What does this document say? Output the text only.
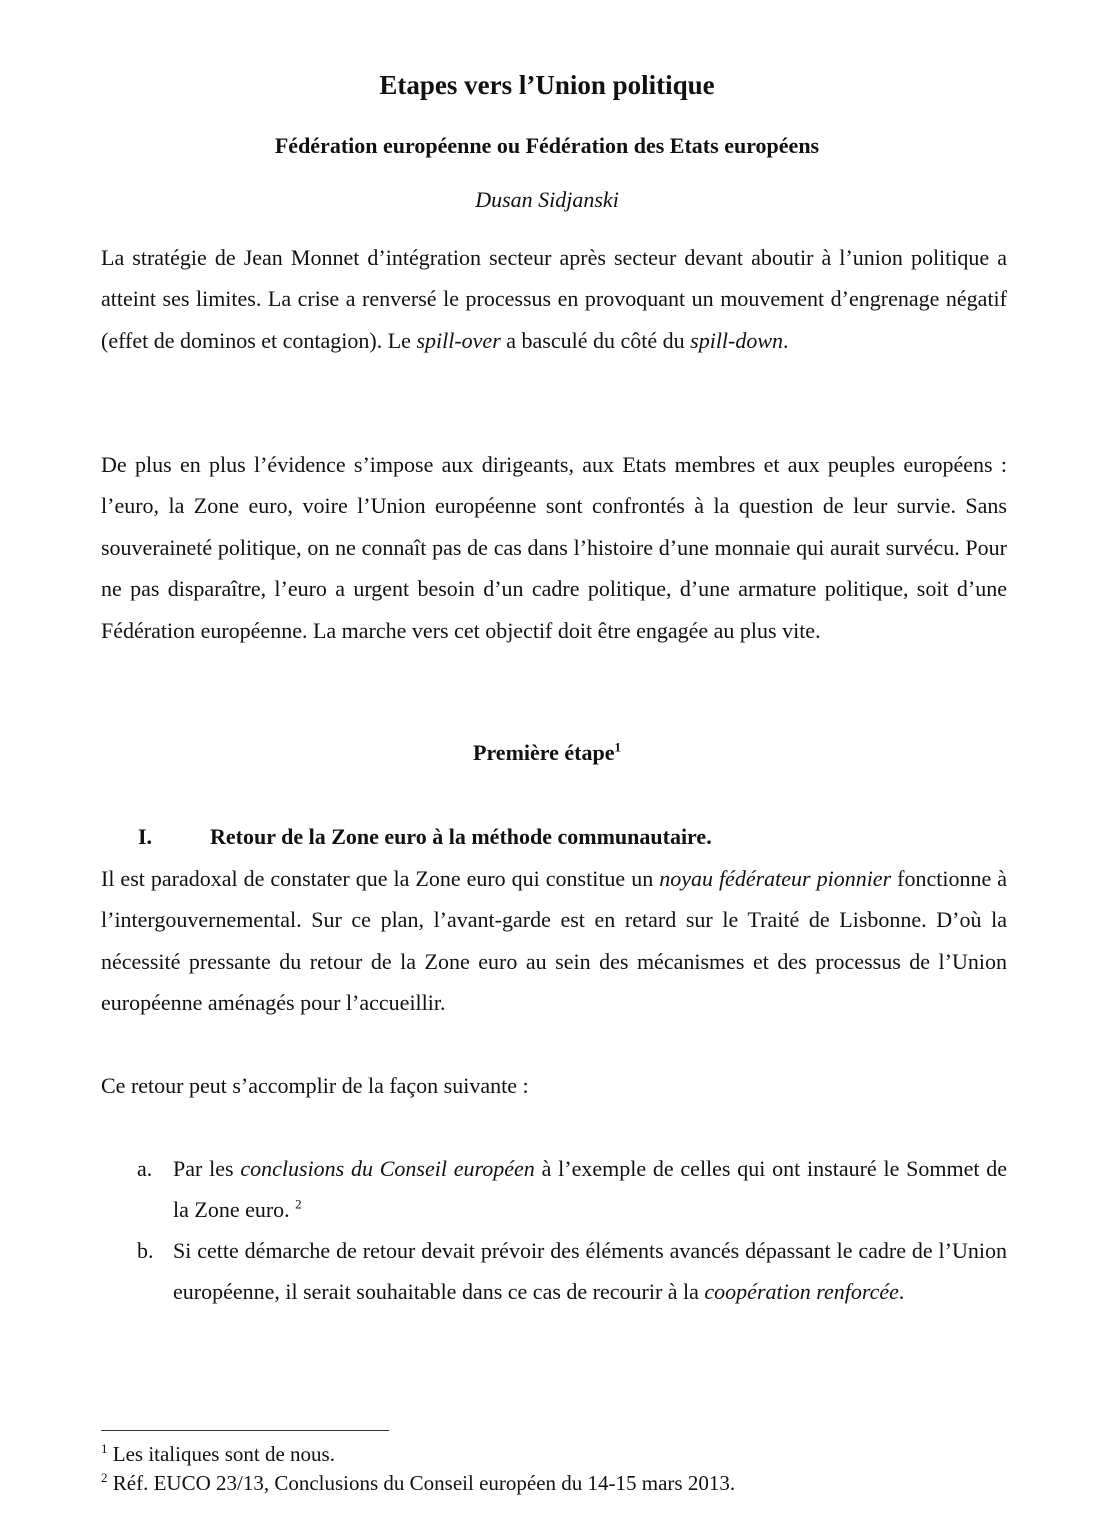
Etapes vers l’Union politique
Fédération européenne ou Fédération des Etats européens
Dusan Sidjanski

La stratégie de Jean Monnet d’intégration secteur après secteur devant aboutir à l’union politique a atteint ses limites. La crise a renversé le processus en provoquant un mouvement d’engrenage négatif (effet de dominos et contagion). Le spill-over a basculé du côté du spill-down.

De plus en plus l’évidence s’impose aux dirigeants, aux Etats membres et aux peuples européens : l’euro, la Zone euro, voire l’Union européenne sont confrontés à la question de leur survie. Sans souveraineté politique, on ne connaît pas de cas dans l’histoire d’une monnaie qui aurait survécu. Pour ne pas disparaître, l’euro a urgent besoin d’un cadre politique, d’une armature politique, soit d’une Fédération européenne. La marche vers cet objectif doit être engagée au plus vite.

Première étape$^1$
I.	Retour de la Zone euro à la méthode communautaire.

Il est paradoxal de constater que la Zone euro qui constitue un noyau fédérateur pionnier fonctionne à l’intergouvernemental. Sur ce plan, l’avant-garde est en retard sur le Traité de Lisbonne. D’où la nécessité pressante du retour de la Zone euro au sein des mécanismes et des processus de l’Union européenne aménagés pour l’accueillir.

Ce retour peut s’accomplir de la façon suivante :

a. Par les conclusions du Conseil européen à l’exemple de celles qui ont instauré le Sommet de la Zone euro. $^2$

b. Si cette démarche de retour devait prévoir des éléments avancés dépassant le cadre de l’Union européenne, il serait souhaitable dans ce cas de recourir à la coopération renforcée.

$^1$ Les italiques sont de nous.
$^2$ Réf. EUCO 23/13, Conclusions du Conseil européen du 14-15 mars 2013.
